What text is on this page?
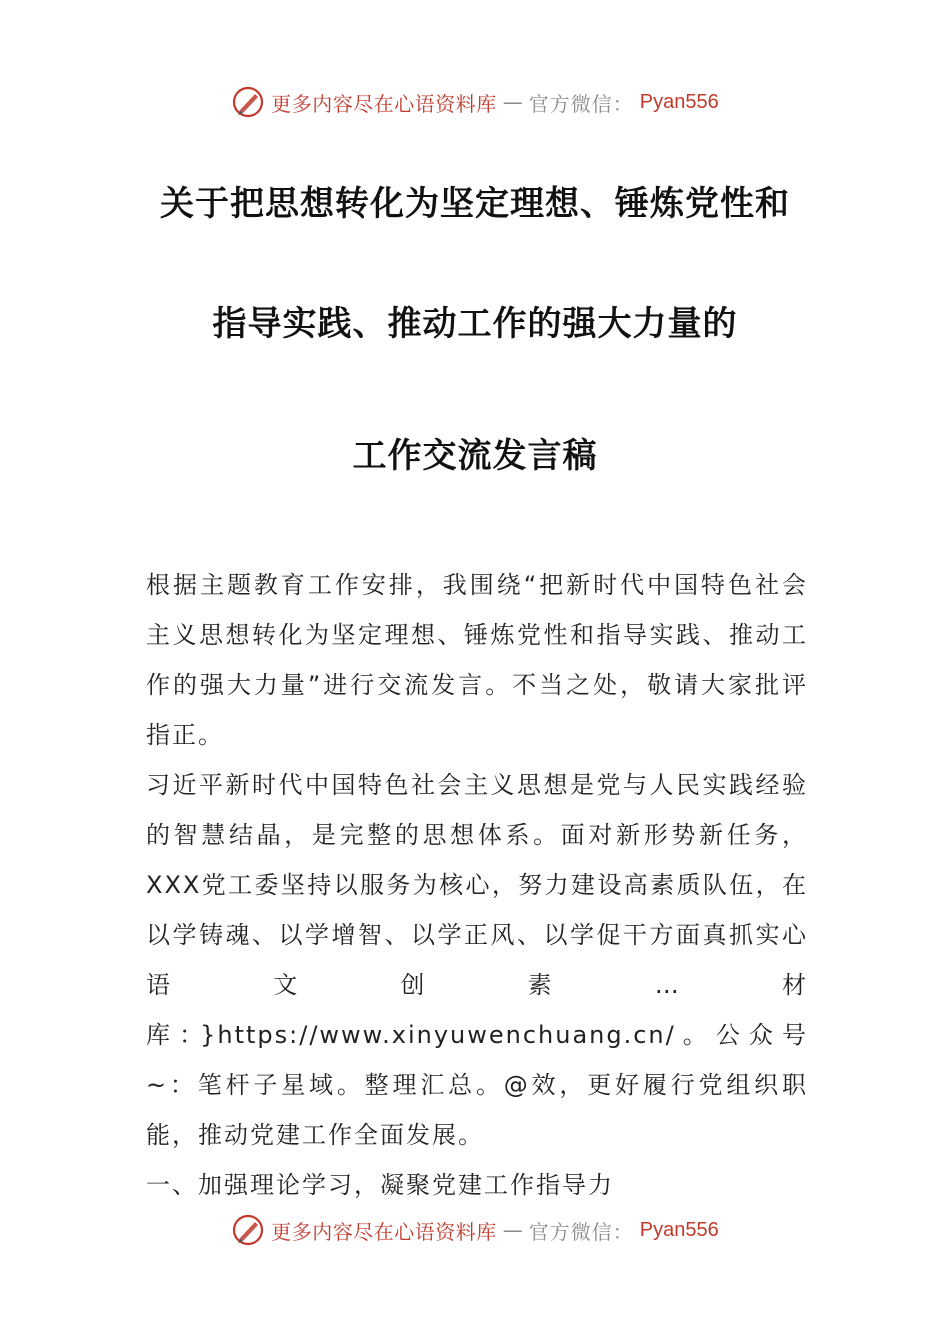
更多内容尽在心语资料库 — 官方微信： Pyan556
关于把思想转化为坚定理想、锤炼党性和
指导实践、推动工作的强大力量的
工作交流发言稿

根据主题教育工作安排，我围绕“把新时代中国特色社会主义思想转化为坚定理想、锤炼党性和指导实践、推动工作的强大力量”进行交流发言。不当之处，敬请大家批评指正。

习近平新时代中国特色社会主义思想是党与人民实践经验的智慧结晶，是完整的思想体系。面对新形势新任务，XXX党工委坚持以服务为核心，努力建设高素质队伍，在以学铸魂、以学增智、以学正风、以学促干方面真抓实心语文创素…材库：}https://www.xinyuwenchuang.cn/。公众号~：笔杆子星域。整理汇总。@效，更好履行党组织职能，推动党建工作全面发展。

一、加强理论学习，凝聚党建工作指导力

更多内容尽在心语资料库 — 官方微信： Pyan556
